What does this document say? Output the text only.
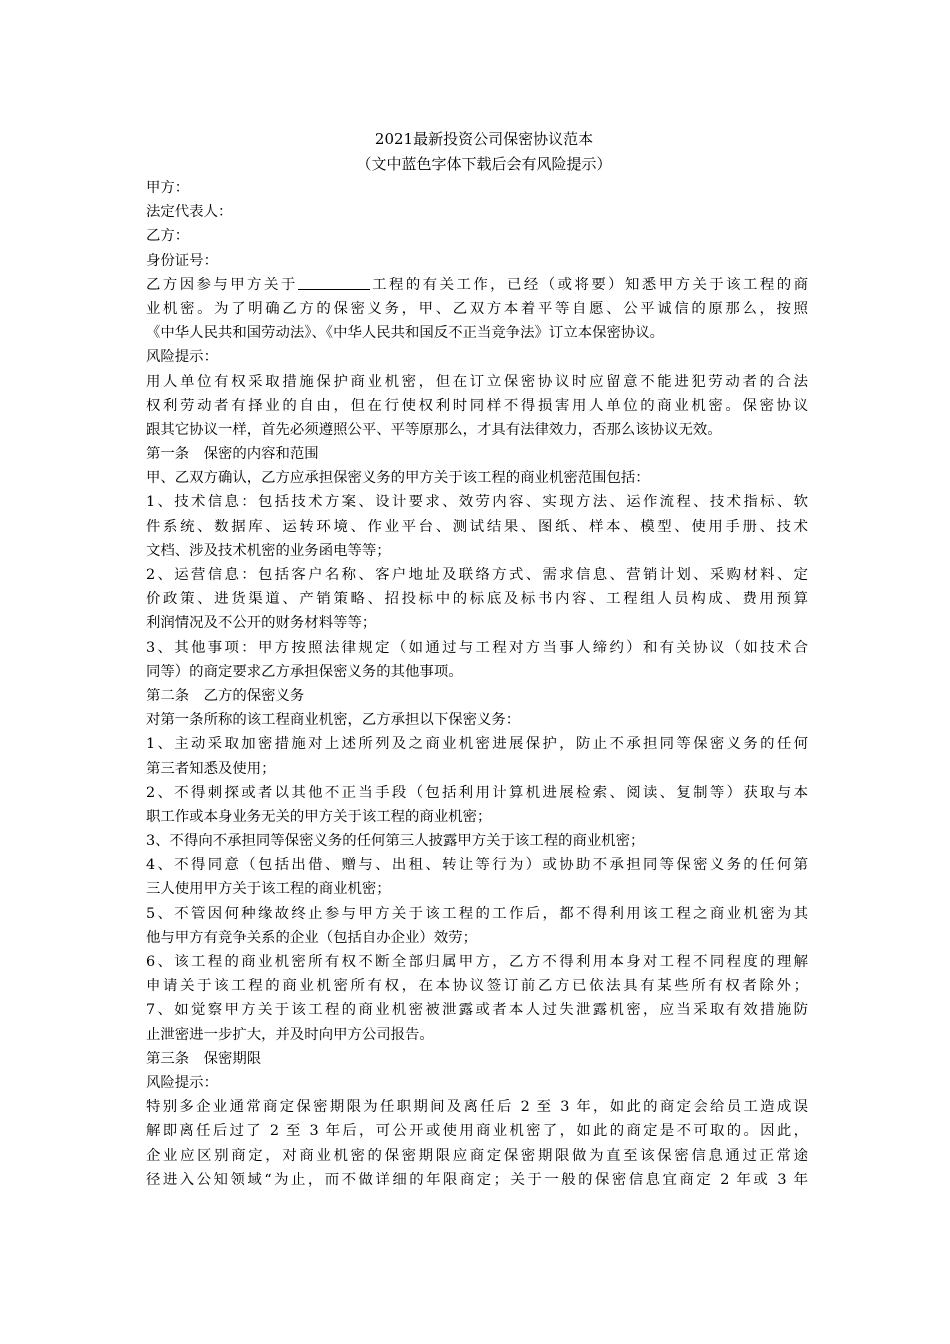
2021最新投资公司保密协议范本
（文中蓝色字体下载后会有风险提示）
甲方：
法定代表人：
乙方：
身份证号：
乙方因参与甲方关于	工程的有关工作，已经（或将要）知悉甲方关于该工程的商
业机密。为了明确乙方的保密义务，甲、乙双方本着平等自愿、公平诚信的原那么，按照
《中华人民共和国劳动法》、《中华人民共和国反不正当竞争法》订立本保密协议。
风险提示：
用人单位有权采取措施保护商业机密，但在订立保密协议时应留意不能进犯劳动者的合法
权利劳动者有择业的自由，但在行使权利时同样不得损害用人单位的商业机密。保密协议
跟其它协议一样，首先必须遵照公平、平等原那么，才具有法律效力，否那么该协议无效。
第一条　保密的内容和范围
甲、乙双方确认，乙方应承担保密义务的甲方关于该工程的商业机密范围包括：
1、技术信息：包括技术方案、设计要求、效劳内容、实现方法、运作流程、技术指标、软
件系统、数据库、运转环境、作业平台、测试结果、图纸、样本、模型、使用手册、技术
文档、涉及技术机密的业务函电等等；
2、运营信息：包括客户名称、客户地址及联络方式、需求信息、营销计划、采购材料、定
价政策、进货渠道、产销策略、招投标中的标底及标书内容、工程组人员构成、费用预算
利润情况及不公开的财务材料等等；
3、其他事项：甲方按照法律规定（如通过与工程对方当事人缔约）和有关协议（如技术合
同等）的商定要求乙方承担保密义务的其他事项。
第二条　乙方的保密义务
对第一条所称的该工程商业机密，乙方承担以下保密义务：
1、主动采取加密措施对上述所列及之商业机密进展保护，防止不承担同等保密义务的任何
第三者知悉及使用；
2、不得刺探或者以其他不正当手段（包括利用计算机进展检索、阅读、复制等）获取与本
职工作或本身业务无关的甲方关于该工程的商业机密；
3、不得向不承担同等保密义务的任何第三人披露甲方关于该工程的商业机密；
4、不得同意（包括出借、赠与、出租、转让等行为）或协助不承担同等保密义务的任何第
三人使用甲方关于该工程的商业机密；
5、不管因何种缘故终止参与甲方关于该工程的工作后，都不得利用该工程之商业机密为其
他与甲方有竞争关系的企业（包括自办企业）效劳；
6、该工程的商业机密所有权不断全部归属甲方，乙方不得利用本身对工程不同程度的理解
申请关于该工程的商业机密所有权，在本协议签订前乙方已依法具有某些所有权者除外；
7、如觉察甲方关于该工程的商业机密被泄露或者本人过失泄露机密，应当采取有效措施防
止泄密进一步扩大，并及时向甲方公司报告。
第三条　保密期限
风险提示：
特别多企业通常商定保密期限为任职期间及离任后 2 至 3 年，如此的商定会给员工造成误
解即离任后过了 2 至 3 年后，可公开或使用商业机密了，如此的商定是不可取的。因此，
企业应区别商定，对商业机密的保密期限应商定保密期限做为直至该保密信息通过正常途
径进入公知领域“为止，而不做详细的年限商定；关于一般的保密信息宜商定 2 年或 3 年
